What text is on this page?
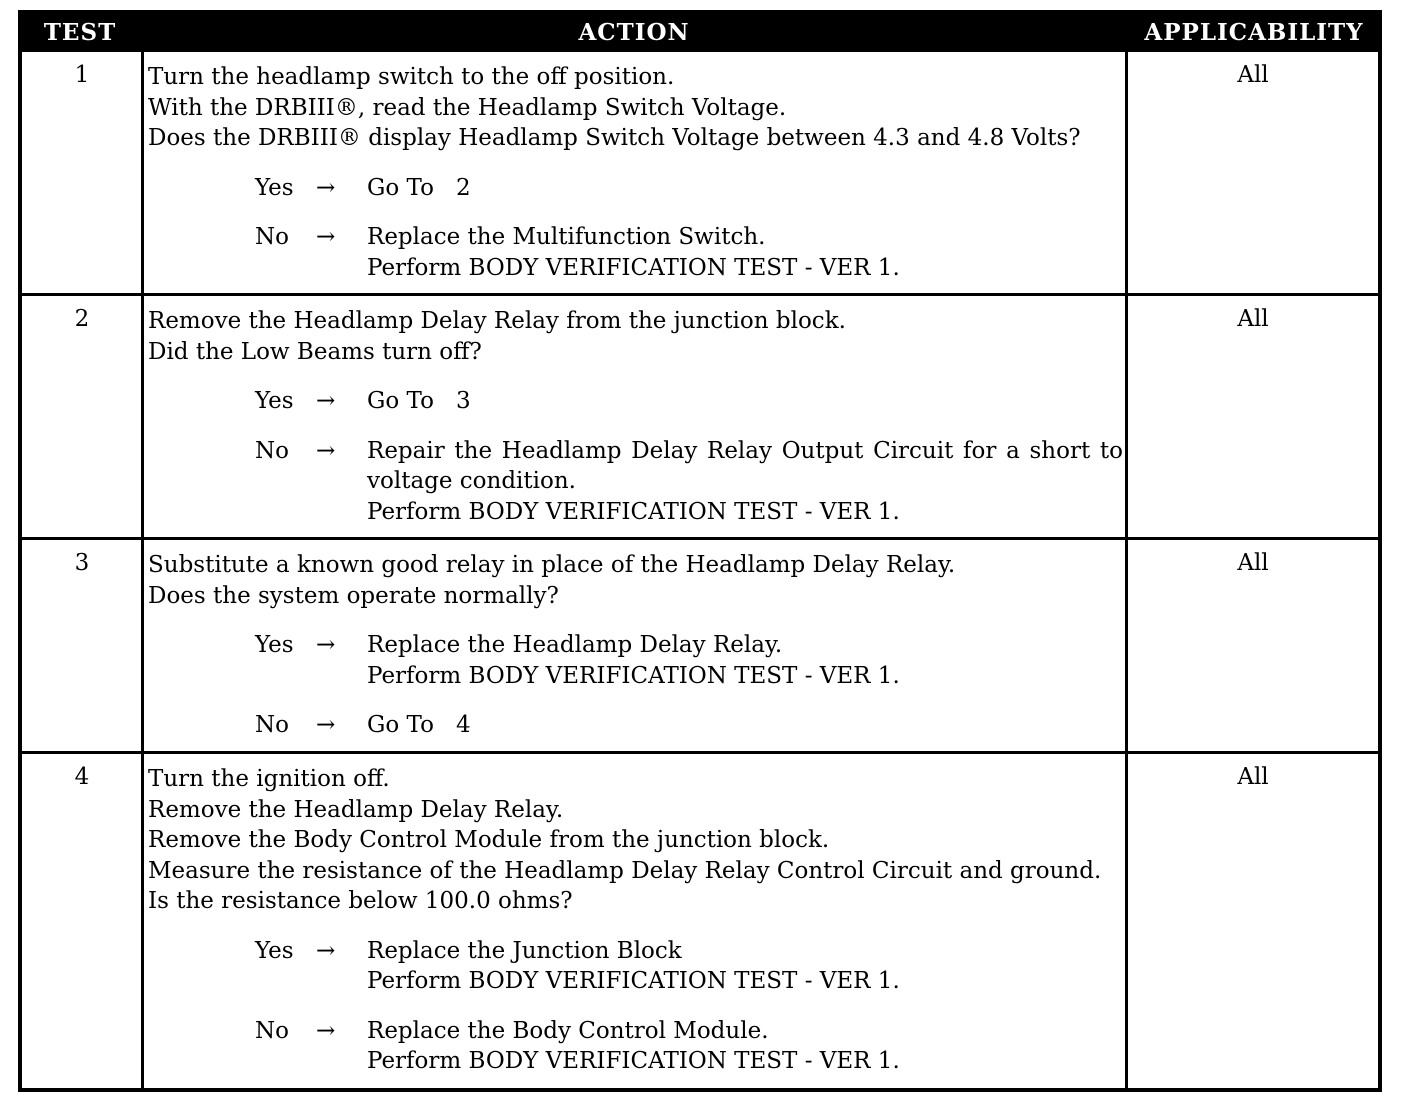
TEST	ACTION	APPLICABILITY
1	Turn the headlamp switch to the off position.
With the DRBIII®, read the Headlamp Switch Voltage.
Does the DRBIII® display Headlamp Switch Voltage between 4.3 and 4.8 Volts?
Yes →	Go To 2
No	→	Replace the Multifunction Switch.
Perform BODY VERIFICATION TEST - VER 1.
All
2	Remove the Headlamp Delay Relay from the junction block.
Did the Low Beams turn off?
Yes →	Go To 3
No	→	Repair the Headlamp Delay Relay Output Circuit for a short to
voltage condition.
Perform BODY VERIFICATION TEST - VER 1.
All
3	Substitute a known good relay in place of the Headlamp Delay Relay.
Does the system operate normally?
Yes →	Replace the Headlamp Delay Relay.
Perform BODY VERIFICATION TEST - VER 1.
No	→	Go To 4
All
4	Turn the ignition off.
Remove the Headlamp Delay Relay.
Remove the Body Control Module from the junction block.
Measure the resistance of the Headlamp Delay Relay Control Circuit and ground.
Is the resistance below 100.0 ohms?
Yes →	Replace the Junction Block
Perform BODY VERIFICATION TEST - VER 1.
No	→	Replace the Body Control Module.
Perform BODY VERIFICATION TEST - VER 1.
All
